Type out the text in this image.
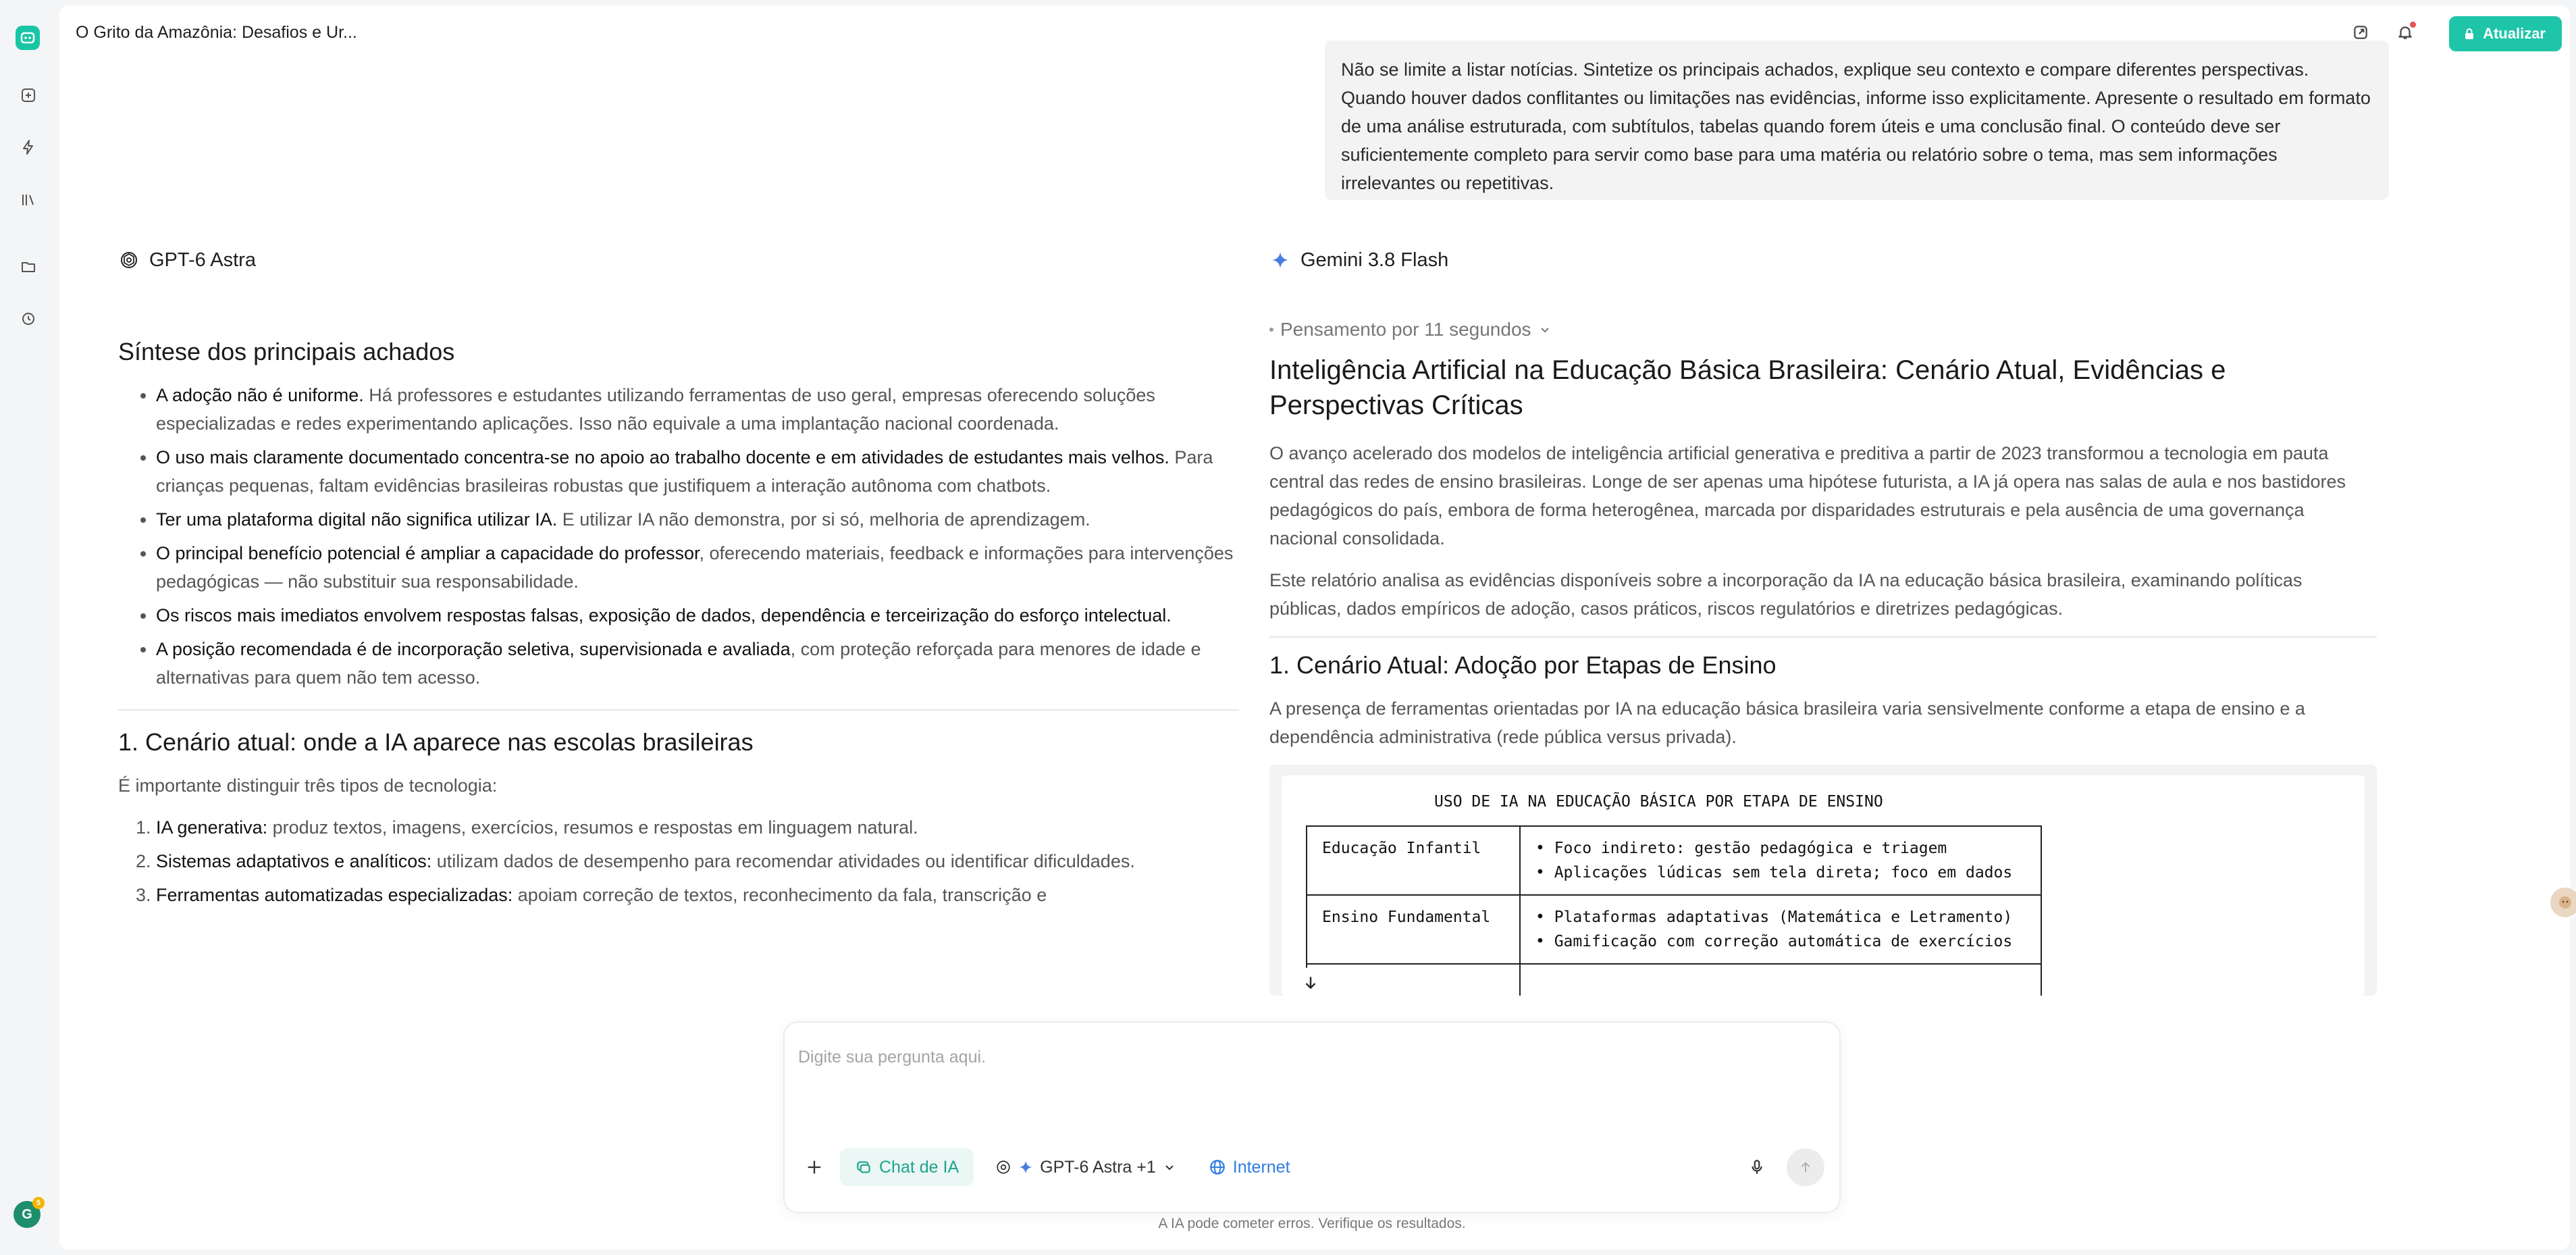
G
5
O Grito da Amazônia: Desafios e Ur...	Atualizar
Não se limite a listar notícias. Sintetize os principais achados, explique seu contexto e compare diferentes perspectivas. Quando houver dados conflitantes ou limitações nas evidências, informe isso explicitamente. Apresente o resultado em formato de uma análise estruturada, com subtítulos, tabelas quando forem úteis e uma conclusão final. O conteúdo deve ser suficientemente completo para servir como base para uma matéria ou relatório sobre o tema, mas sem informações irrelevantes ou repetitivas.
GPT-6 Astra	Gemini 3.8 Flash
Síntese dos principais achados
• A adoção não é uniforme. Há professores e estudantes utilizando ferramentas de uso geral, empresas oferecendo soluções especializadas e redes experimentando aplicações. Isso não equivale a uma implantação nacional coordenada.
• O uso mais claramente documentado concentra-se no apoio ao trabalho docente e em atividades de estudantes mais velhos. Para crianças pequenas, faltam evidências brasileiras robustas que justifiquem a interação autônoma com chatbots.
• Ter uma plataforma digital não significa utilizar IA. E utilizar IA não demonstra, por si só, melhoria de aprendizagem.
• O principal benefício potencial é ampliar a capacidade do professor, oferecendo materiais, feedback e informações para intervenções pedagógicas — não substituir sua responsabilidade.
• Os riscos mais imediatos envolvem respostas falsas, exposição de dados, dependência e terceirização do esforço intelectual.
• A posição recomendada é de incorporação seletiva, supervisionada e avaliada, com proteção reforçada para menores de idade e alternativas para quem não tem acesso.
1. Cenário atual: onde a IA aparece nas escolas brasileiras

É importante distinguir três tipos de tecnologia:

1. IA generativa: produz textos, imagens, exercícios, resumos e respostas em linguagem natural.
2. Sistemas adaptativos e analíticos: utilizam dados de desempenho para recomendar atividades ou identificar dificuldades.
3. Ferramentas automatizadas especializadas: apoiam correção de textos, reconhecimento da fala, transcrição e
Pensamento por 11 segundos
Inteligência Artificial na Educação Básica Brasileira: Cenário Atual, Evidências e Perspectivas Críticas

O avanço acelerado dos modelos de inteligência artificial generativa e preditiva a partir de 2023 transformou a tecnologia em pauta central das redes de ensino brasileiras. Longe de ser apenas uma hipótese futurista, a IA já opera nas salas de aula e nos bastidores pedagógicos do país, embora de forma heterogênea, marcada por disparidades estruturais e pela ausência de uma governança nacional consolidada.

Este relatório analisa as evidências disponíveis sobre a incorporação da IA na educação básica brasileira, examinando políticas públicas, dados empíricos de adoção, casos práticos, riscos regulatórios e diretrizes pedagógicas.

1. Cenário Atual: Adoção por Etapas de Ensino

A presença de ferramentas orientadas por IA na educação básica brasileira varia sensivelmente conforme a etapa de ensino e a dependência administrativa (rede pública versus privada).

USO DE IA NA EDUCAÇÃO BÁSICA POR ETAPA DE ENSINO
Educação Infantil	• Foco indireto: gestão pedagógica e triagem
• Aplicações lúdicas sem tela direta; foco em dados

Ensino Fundamental	• Plataformas adaptativas (Matemática e Letramento)
• Gamificação com correção automática de exercícios

Digite sua pergunta aqui.
Chat de IA	GPT-6 Astra +1	Internet
A IA pode cometer erros. Verifique os resultados.
